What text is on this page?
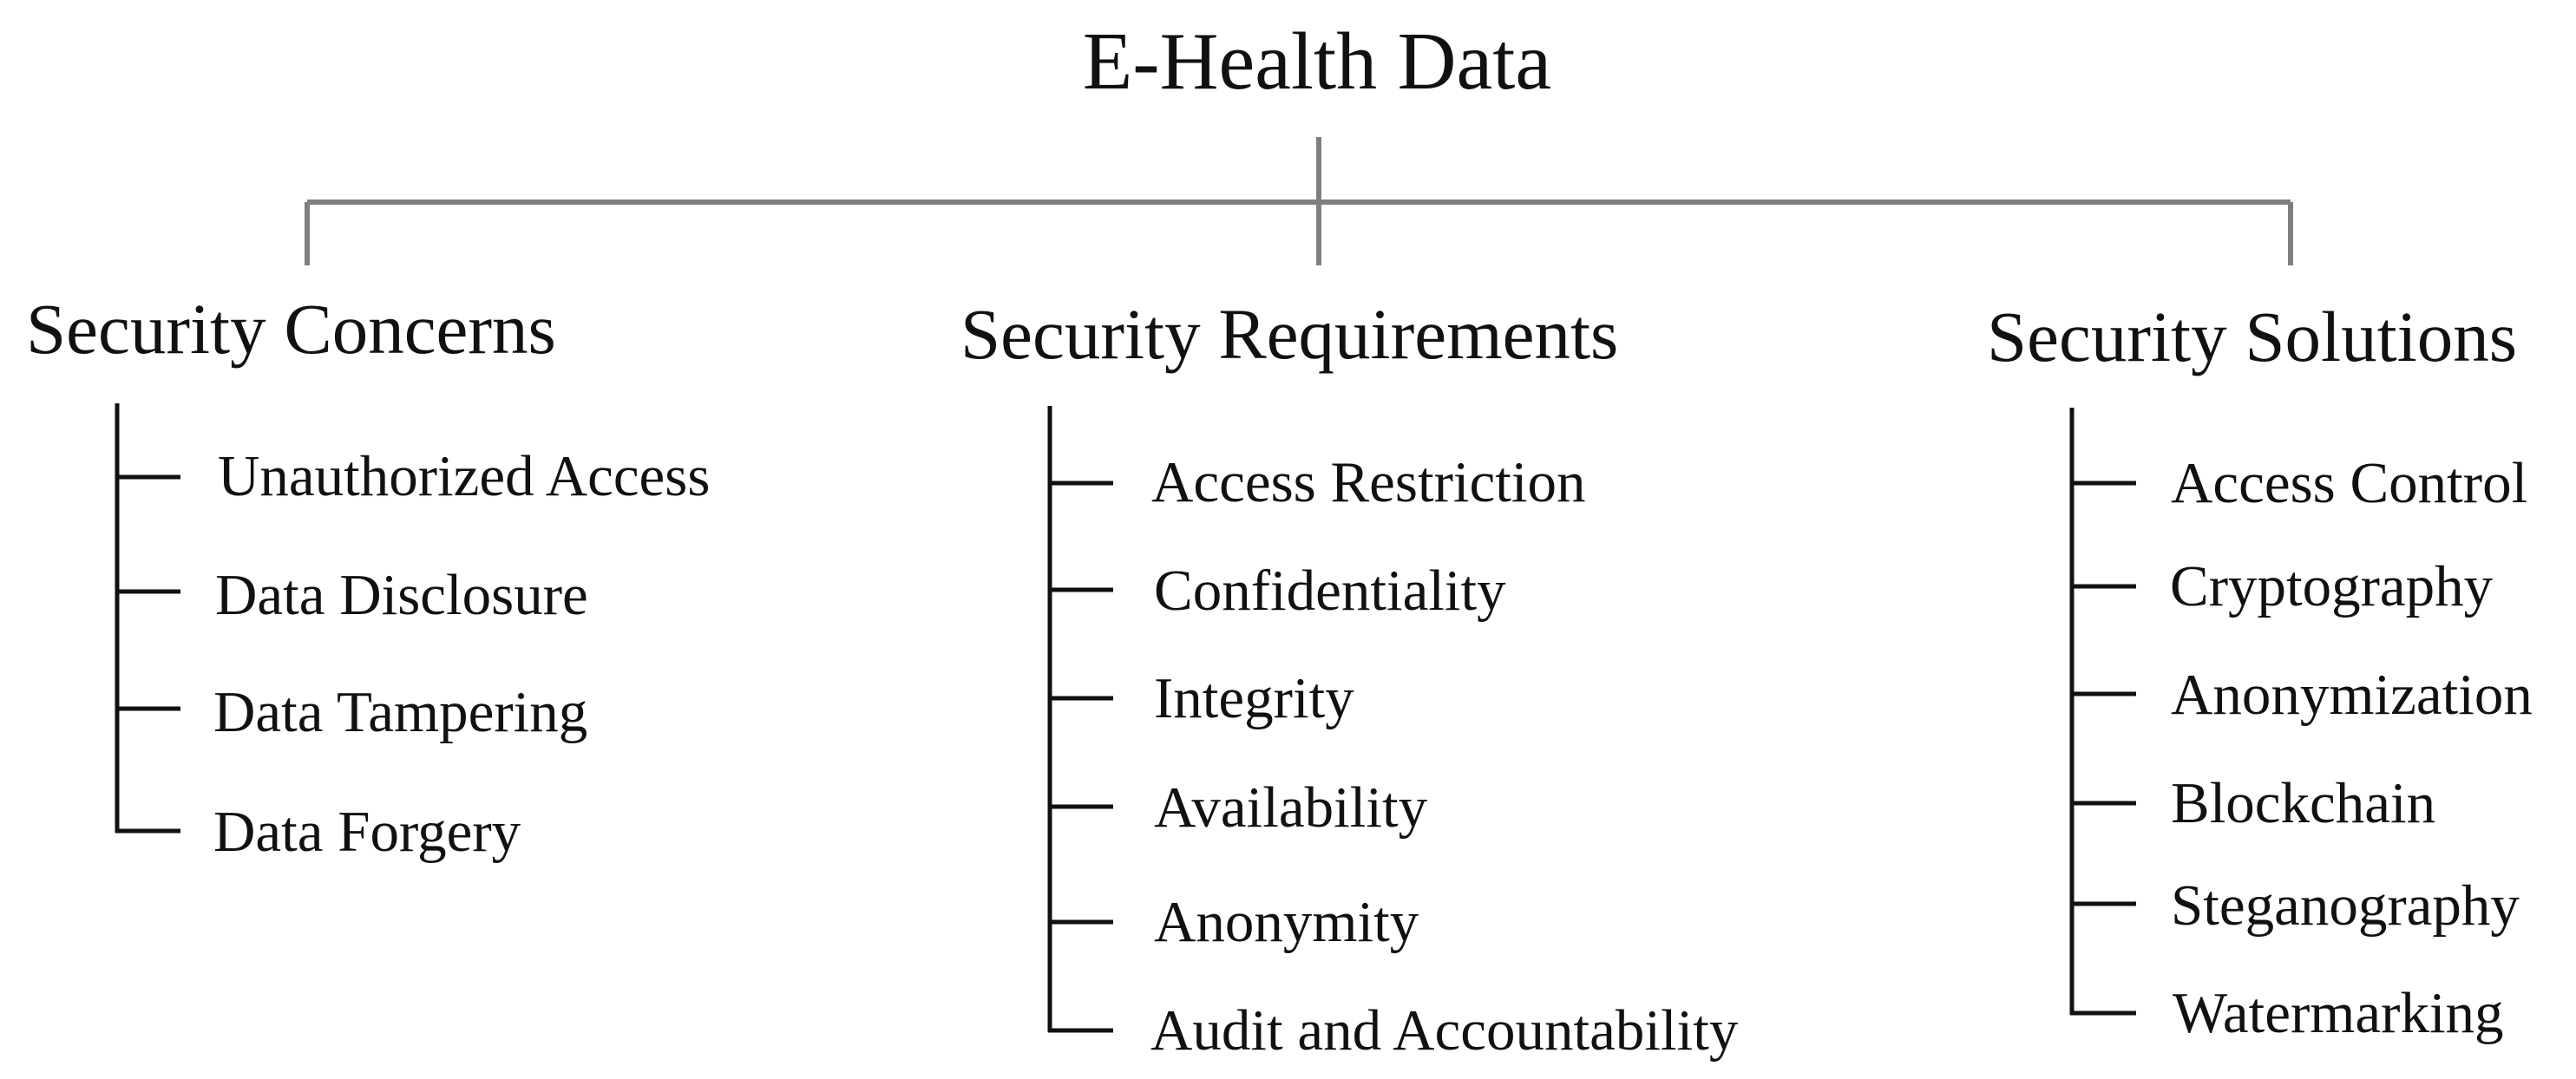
E-Health Data
Security Concerns
Unauthorized Access
Data Disclosure
Data Tampering
Data Forgery
Security Requirements
Access Restriction
Confidentiality
Integrity
Availability
Anonymity
Audit and Accountability
Security Solutions
Access Control
Cryptography
Anonymization
Blockchain
Steganography
Watermarking
